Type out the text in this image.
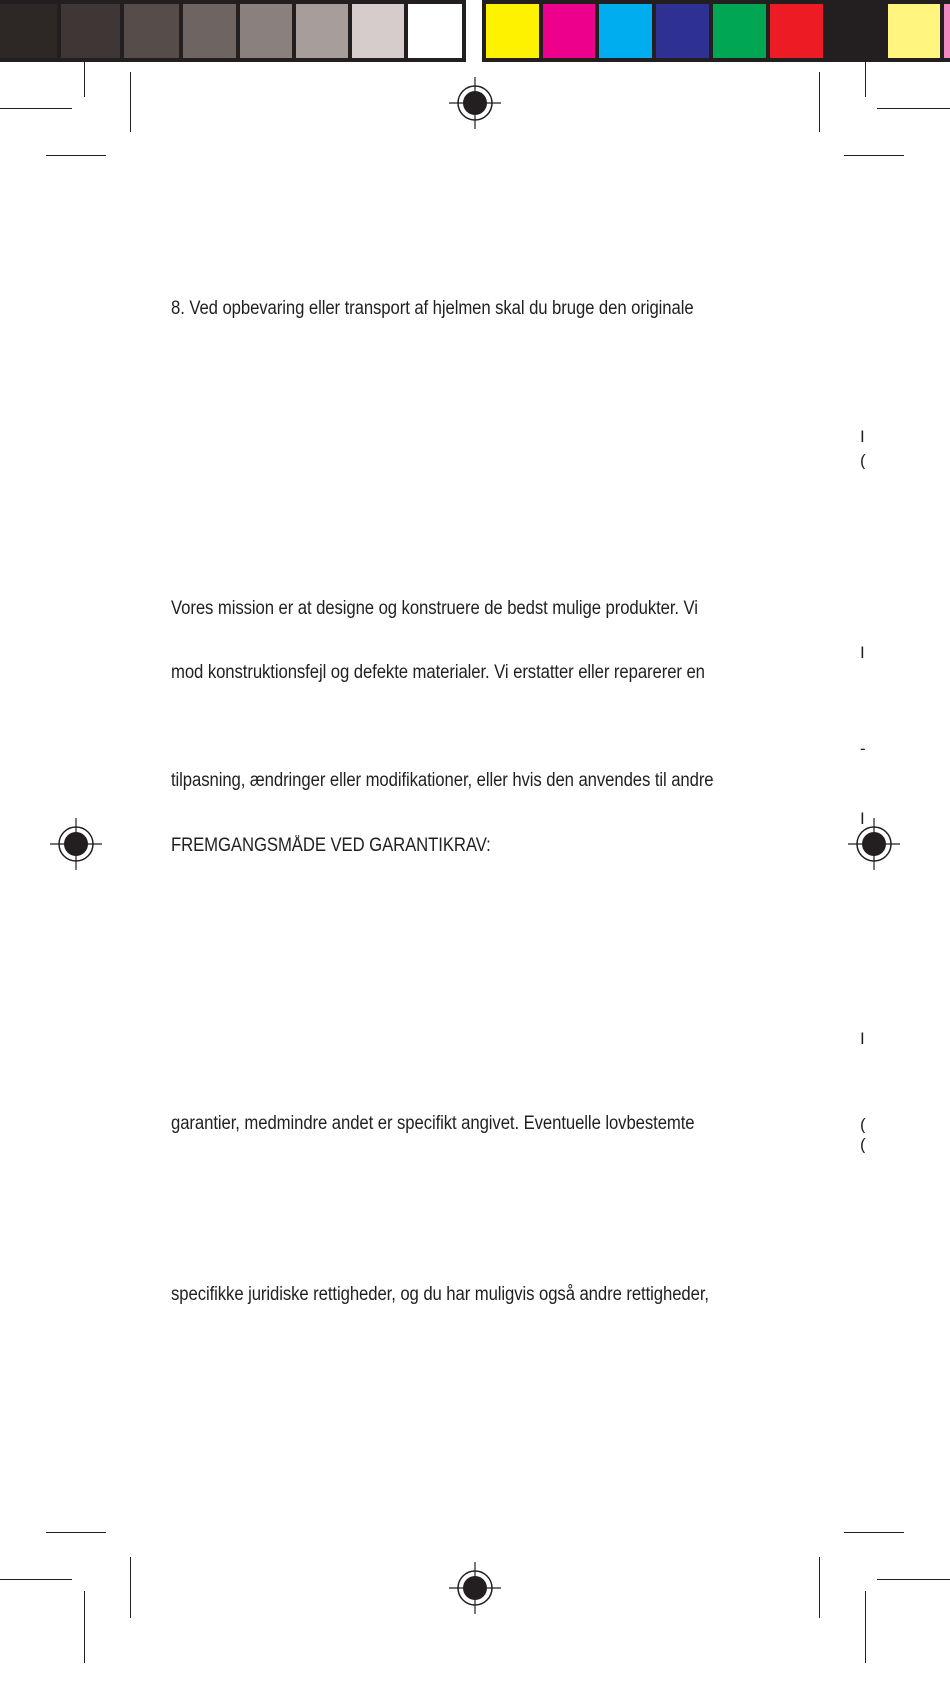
8. Ved opbevaring eller transport af hjelmen skal du bruge den originale

Vores mission er at designe og konstruere de bedst mulige produkter. Vi

mod konstruktionsfejl og defekte materialer. Vi erstatter eller reparerer en

tilpasning, ændringer eller modifikationer, eller hvis den anvendes til andre

FREMGANGSMÅDE VED GARANTIKRAV:

garantier, medmindre andet er specifikt angivet. Eventuelle lovbestemte

specifikke juridiske rettigheder, og du har muligvis også andre rettigheder,

I
(
I
-
I
I
(
(
